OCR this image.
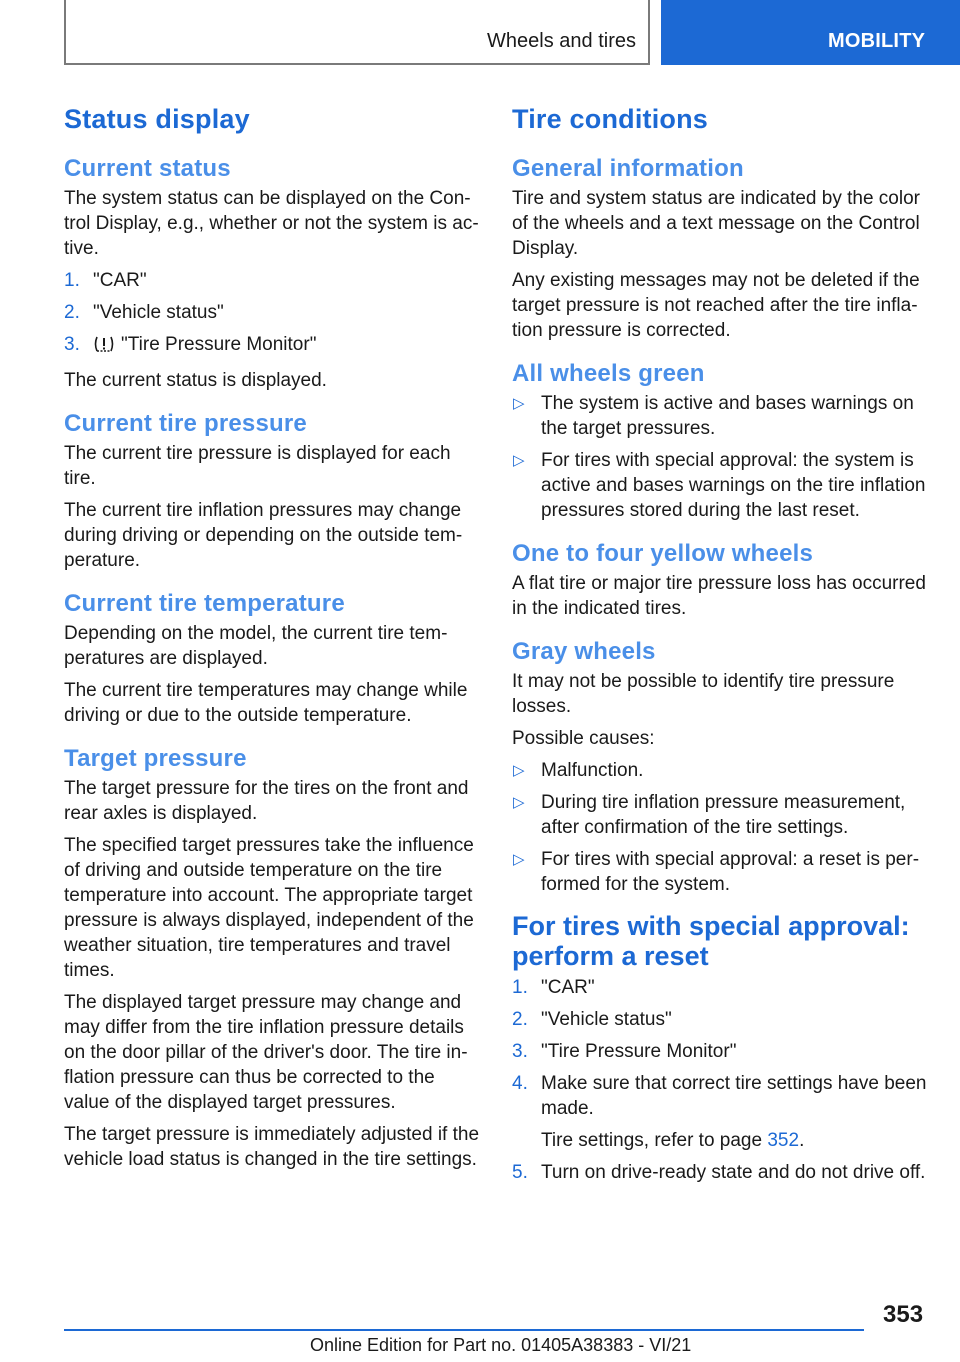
Wheels and tires	MOBILITY
Status display
Current status

The system status can be displayed on the Control Display, e.g., whether or not the system is active.

1. "CAR"
2. "Vehicle status"
3. "Tire Pressure Monitor"

The current status is displayed.

Current tire pressure

The current tire pressure is displayed for each tire.

The current tire inflation pressures may change during driving or depending on the outside temperature.

Current tire temperature

Depending on the model, the current tire temperatures are displayed.

The current tire temperatures may change while driving or due to the outside temperature.

Target pressure

The target pressure for the tires on the front and rear axles is displayed.

The specified target pressures take the influence of driving and outside temperature on the tire temperature into account. The appropriate target pressure is always displayed, independent of the weather situation, tire temperatures and travel times.

The displayed target pressure may change and may differ from the tire inflation pressure details on the door pillar of the driver's door. The tire inflation pressure can thus be corrected to the value of the displayed target pressures.

The target pressure is immediately adjusted if the vehicle load status is changed in the tire settings.

Tire conditions
General information

Tire and system status are indicated by the color of the wheels and a text message on the Control Display.

Any existing messages may not be deleted if the target pressure is not reached after the tire inflation pressure is corrected.

All wheels green
▷ The system is active and bases warnings on the target pressures.
▷ For tires with special approval: the system is active and bases warnings on the tire inflation pressures stored during the last reset.
One to four yellow wheels

A flat tire or major tire pressure loss has occurred in the indicated tires.

Gray wheels

It may not be possible to identify tire pressure losses.

Possible causes:

▷ Malfunction.
▷ During tire inflation pressure measurement, after confirmation of the tire settings.
▷ For tires with special approval: a reset is performed for the system.
For tires with special approval: perform a reset
1. "CAR"
2. "Vehicle status"
3. "Tire Pressure Monitor"
4. Make sure that correct tire settings have been made.
Tire settings, refer to page 352.
5. Turn on drive-ready state and do not drive off.
353
Online Edition for Part no. 01405A38383 - VI/21
